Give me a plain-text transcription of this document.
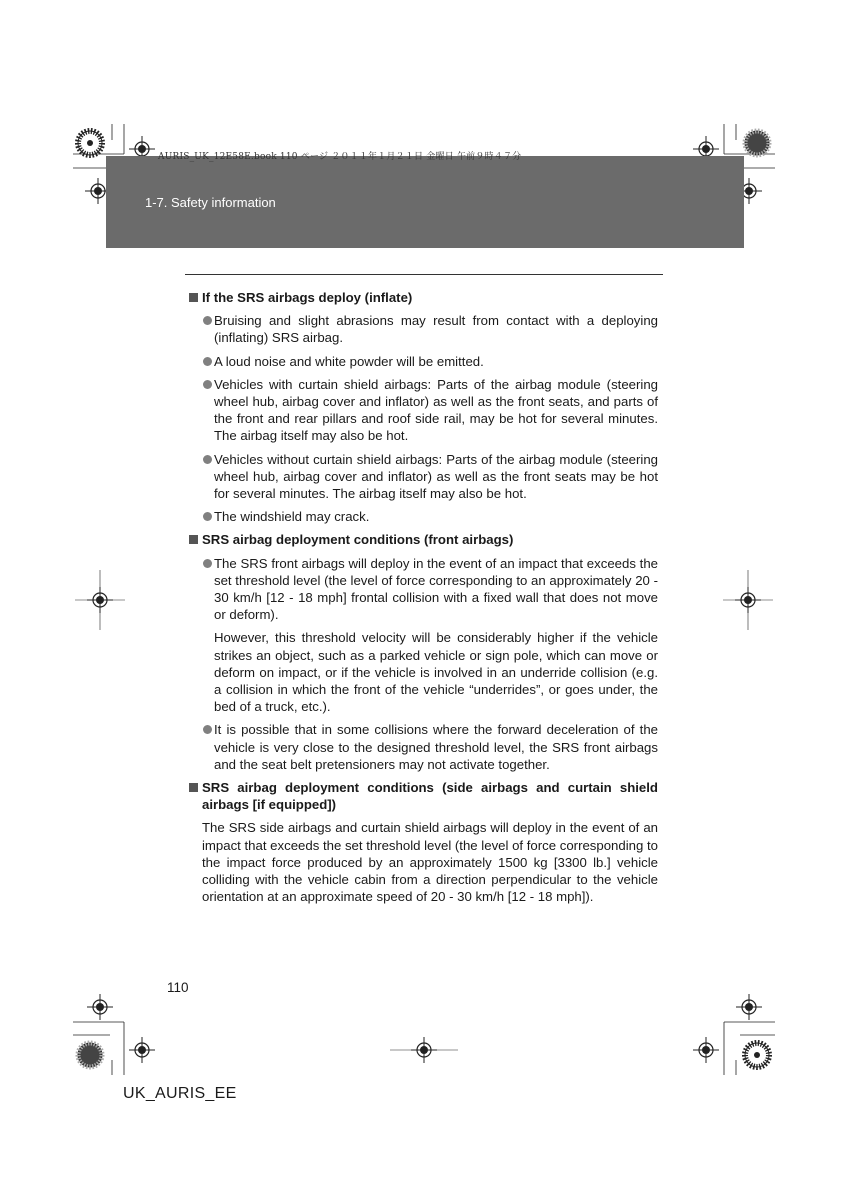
AURIS_UK_12E58E.book 110 ページ ２０１１年１月２１日 金曜日 午前９時４７分
1-7. Safety information
If the SRS airbags deploy (inflate)
Bruising and slight abrasions may result from contact with a deploying (inflating) SRS airbag.
A loud noise and white powder will be emitted.
Vehicles with curtain shield airbags: Parts of the airbag module (steering wheel hub, airbag cover and inflator) as well as the front seats, and parts of the front and rear pillars and roof side rail, may be hot for several minutes. The airbag itself may also be hot.
Vehicles without curtain shield airbags: Parts of the airbag module (steering wheel hub, airbag cover and inflator) as well as the front seats may be hot for several minutes. The airbag itself may also be hot.
The windshield may crack.
SRS airbag deployment conditions (front airbags)
The SRS front airbags will deploy in the event of an impact that exceeds the set threshold level (the level of force corresponding to an approximately 20 - 30 km/h [12 - 18 mph] frontal collision with a fixed wall that does not move or deform).
However, this threshold velocity will be considerably higher if the vehicle strikes an object, such as a parked vehicle or sign pole, which can move or deform on impact, or if the vehicle is involved in an underride collision (e.g. a collision in which the front of the vehicle “underrides”, or goes under, the bed of a truck, etc.).
It is possible that in some collisions where the forward deceleration of the vehicle is very close to the designed threshold level, the SRS front airbags and the seat belt pretensioners may not activate together.
SRS airbag deployment conditions (side airbags and curtain shield airbags [if equipped])
The SRS side airbags and curtain shield airbags will deploy in the event of an impact that exceeds the set threshold level (the level of force corresponding to the impact force produced by an approximately 1500 kg [3300 lb.] vehicle colliding with the vehicle cabin from a direction perpendicular to the vehicle orientation at an approximate speed of 20 - 30 km/h [12 - 18 mph]).
110
UK_AURIS_EE
